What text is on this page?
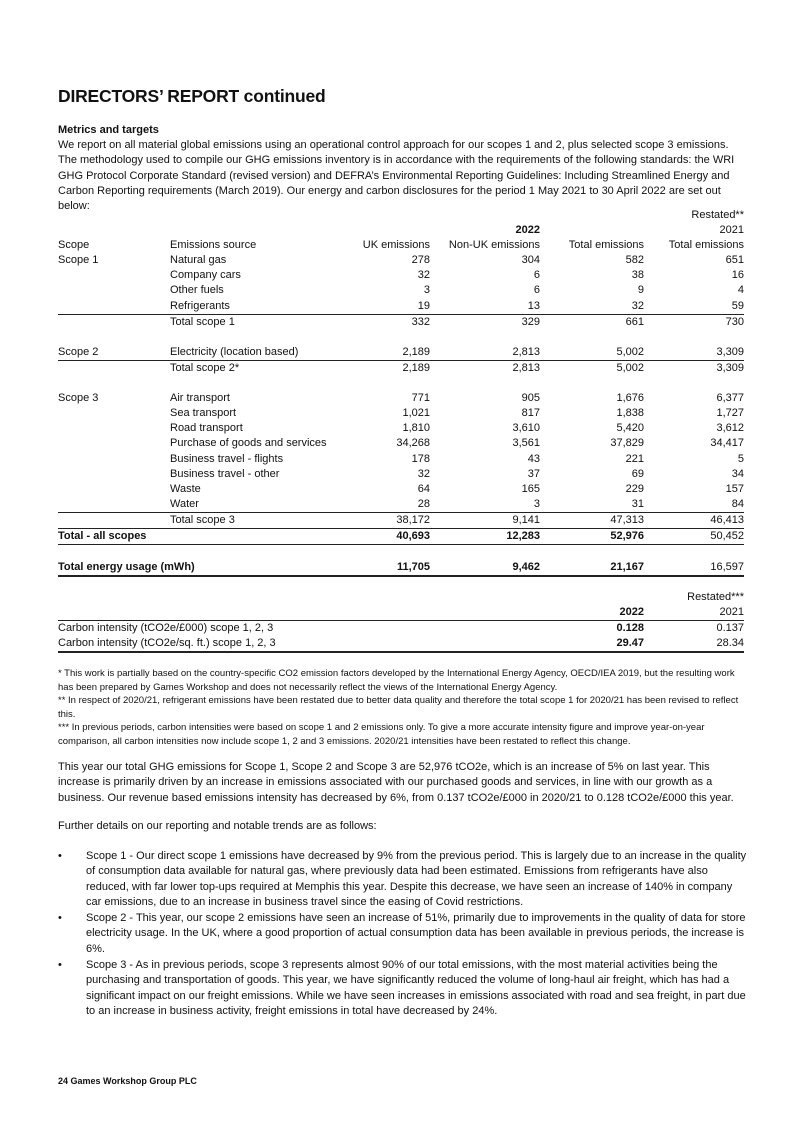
DIRECTORS’ REPORT continued
Metrics and targets

We report on all material global emissions using an operational control approach for our scopes 1 and 2, plus selected scope 3 emissions. The methodology used to compile our GHG emissions inventory is in accordance with the requirements of the following standards: the WRI GHG Protocol Corporate Standard (revised version) and DEFRA’s Environmental Reporting Guidelines: Including Streamlined Energy and Carbon Reporting requirements (March 2019). Our energy and carbon disclosures for the period 1 May 2021 to 30 April 2022 are set out below:

					Restated**
			2022		2021
Scope	Emissions source	UK emissions	Non-UK emissions	Total emissions	Total emissions
Scope 1	Natural gas	278	304	582	651
	Company cars	32	6	38	16
	Other fuels	3	6	9	4
	Refrigerants	19	13	32	59
	Total scope 1	332	329	661	730

Scope 2	Electricity (location based)	2,189	2,813	5,002	3,309
	Total scope 2*	2,189	2,813	5,002	3,309

Scope 3	Air transport	771	905	1,676	6,377
	Sea transport	1,021	817	1,838	1,727
	Road transport	1,810	3,610	5,420	3,612
	Purchase of goods and services	34,268	3,561	37,829	34,417
	Business travel - flights	178	43	221	5
	Business travel - other	32	37	69	34
	Waste	64	165	229	157
	Water	28	3	31	84
	Total scope 3	38,172	9,141	47,313	46,413
Total - all scopes		40,693	12,283	52,976	50,452

Total energy usage (mWh)		11,705	9,462	21,167	16,597
		Restated***
	2022	2021
Carbon intensity (tCO2e/£000) scope 1, 2, 3	0.128	0.137
Carbon intensity (tCO2e/sq. ft.) scope 1, 2, 3	29.47	28.34

* This work is partially based on the country-specific CO2 emission factors developed by the International Energy Agency, OECD/IEA 2019, but the resulting work has been prepared by Games Workshop and does not necessarily reflect the views of the International Energy Agency.

** In respect of 2020/21, refrigerant emissions have been restated due to better data quality and therefore the total scope 1 for 2020/21 has been revised to reflect this.

*** In previous periods, carbon intensities were based on scope 1 and 2 emissions only. To give a more accurate intensity figure and improve year-on-year comparison, all carbon intensities now include scope 1, 2 and 3 emissions. 2020/21 intensities have been restated to reflect this change.

This year our total GHG emissions for Scope 1, Scope 2 and Scope 3 are 52,976 tCO2e, which is an increase of 5% on last year. This increase is primarily driven by an increase in emissions associated with our purchased goods and services, in line with our growth as a business. Our revenue based emissions intensity has decreased by 6%, from 0.137 tCO2e/£000 in 2020/21 to 0.128 tCO2e/£000 this year.

Further details on our reporting and notable trends are as follows:

• Scope 1 - Our direct scope 1 emissions have decreased by 9% from the previous period. This is largely due to an increase in the quality of consumption data available for natural gas, where previously data had been estimated. Emissions from refrigerants have also reduced, with far lower top-ups required at Memphis this year. Despite this decrease, we have seen an increase of 140% in company car emissions, due to an increase in business travel since the easing of Covid restrictions.
• Scope 2 - This year, our scope 2 emissions have seen an increase of 51%, primarily due to improvements in the quality of data for store electricity usage. In the UK, where a good proportion of actual consumption data has been available in previous periods, the increase is 6%.
• Scope 3 - As in previous periods, scope 3 represents almost 90% of our total emissions, with the most material activities being the purchasing and transportation of goods. This year, we have significantly reduced the volume of long-haul air freight, which has had a significant impact on our freight emissions. While we have seen increases in emissions associated with road and sea freight, in part due to an increase in business activity, freight emissions in total have decreased by 24%.
24 Games Workshop Group PLC
